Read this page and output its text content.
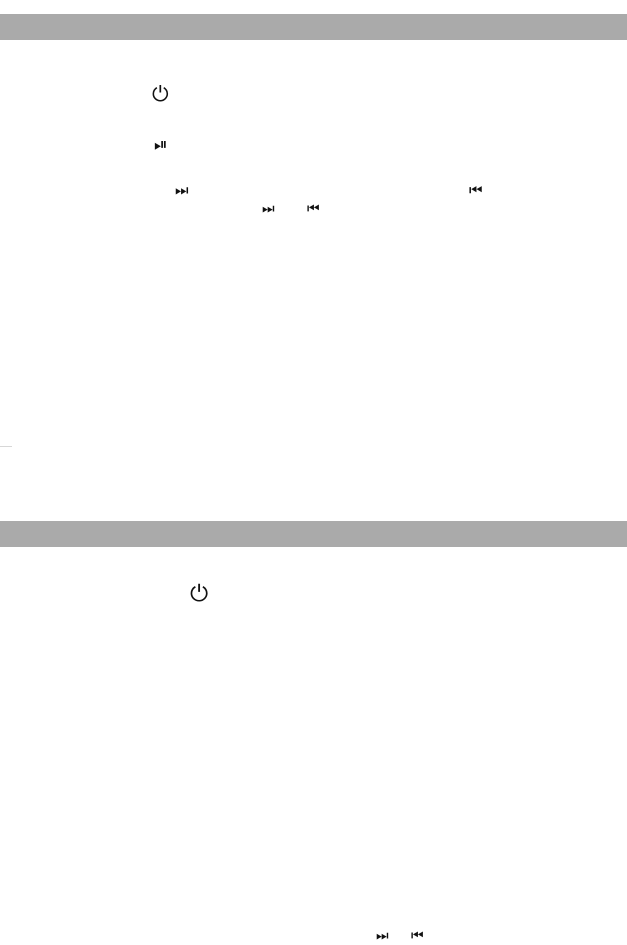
⏻
⏯
⏭	⏮
⏭ ⏮
⏻
⏭ ⏮
